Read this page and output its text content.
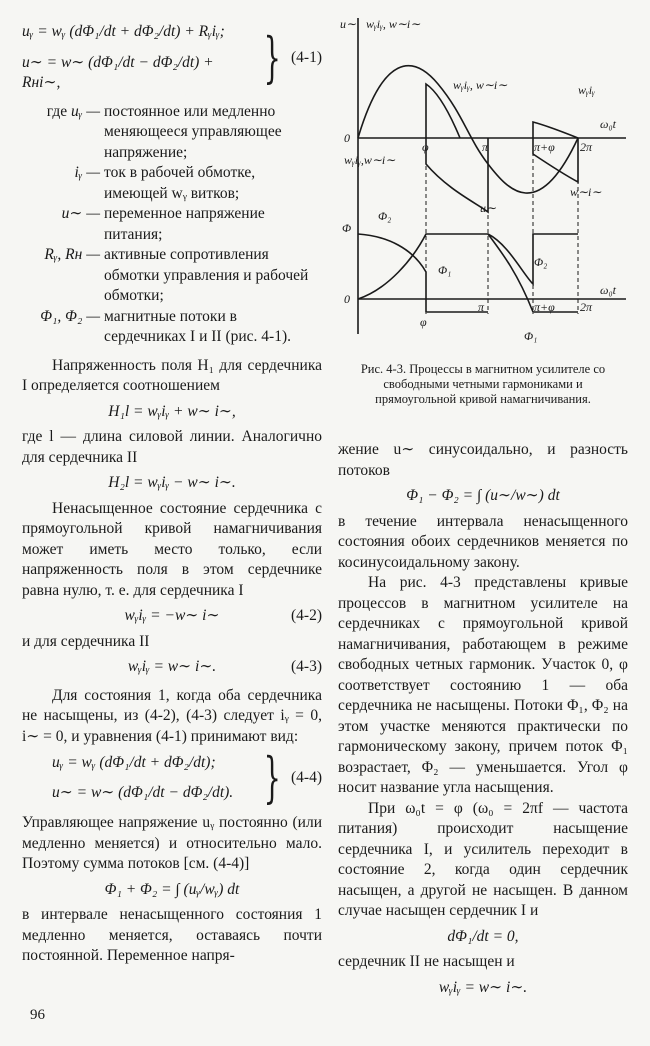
uᵧ = wᵧ (dΦ₁/dt + dΦ₂/dt) + Rᵧiᵧ;
u∼ = w∼ (dΦ₁/dt − dΦ₂/dt) + Rнi∼,	} (4-1)
где uᵧ — постоянное или медленно меняющееся управляющее напряжение;
iᵧ — ток в рабочей обмотке, имеющей wᵧ витков;
u∼ — переменное напряжение питания;
Rᵧ, Rн — активные сопротивления обмотки управления и рабочей обмотки;
Φ₁, Φ₂ — магнитные потоки в сердечниках I и II (рис. 4-1).

Напряженность поля H₁ для сердечника I определяется соотношением

H₁l = wᵧiᵧ + w∼ i∼,

где l — длина силовой линии. Аналогично для сердечника II

H₂l = wᵧiᵧ − w∼ i∼.

Ненасыщенное состояние сердечника с прямоугольной кривой намагничивания может иметь место только, если напряженность поля в этом сердечнике равна нулю, т. е. для сердечника I

wᵧiᵧ = −w∼ i∼	(4-2)

и для сердечника II

wᵧiᵧ = w∼ i∼.	(4-3)

Для состояния 1, когда оба сердечника не насыщены, из (4-2), (4-3) следует iᵧ = 0, i∼ = 0, и уравнения (4-1) принимают вид:

uᵧ = wᵧ (dΦ₁/dt + dΦ₂/dt);
u∼ = w∼ (dΦ₁/dt − dΦ₂/dt). } (4-4)

Управляющее напряжение uᵧ постоянно (или медленно меняется) и относительно мало. Поэтому сумма потоков [см. (4-4)]

Φ₁ + Φ₂ = ∫ (uᵧ/wᵧ) dt

в интервале ненасыщенного состояния 1 медленно меняется, оставаясь почти постоянной. Переменное напря-

u∼ wᵧiᵧ, w∼i∼
wᵧiᵧ, w∼i∼	wᵧiᵧ
wᵧiᵧ,w∼i∼
u∼
w∼i∼
ω₀t
ω₀t
Φ
Φ₂
Φ₁
Φ₂
Φ₁
0
0
φ	π	π+φ 2π
φ
π	π+φ 2π
Рис. 4-3. Процессы в магнитном усилителе со свободными четными гармониками и прямоугольной кривой намагничивания.

жение u∼ синусоидально, и разность потоков

Φ₁ − Φ₂ = ∫ (u∼/w∼) dt

в течение интервала ненасыщенного состояния обоих сердечников меняется по косинусоидальному закону.

На рис. 4-3 представлены кривые процессов в магнитном усилителе на сердечниках с прямоугольной кривой намагничивания, работающем в режиме свободных четных гармоник. Участок 0, φ соответствует состоянию 1 — оба сердечника не насыщены. Потоки Φ₁, Φ₂ на этом участке меняются практически по гармоническому закону, причем поток Φ₁ возрастает, Φ₂ — уменьшается. Угол φ носит название угла насыщения.

При ω₀t = φ (ω₀ = 2πf — частота питания) происходит насыщение сердечника I, и усилитель переходит в состояние 2, когда один сердечник насыщен, а другой не насыщен. В данном случае насыщен сердечник I и

dΦ₁/dt = 0,

сердечник II не насыщен и

wᵧiᵧ = w∼ i∼.
96
